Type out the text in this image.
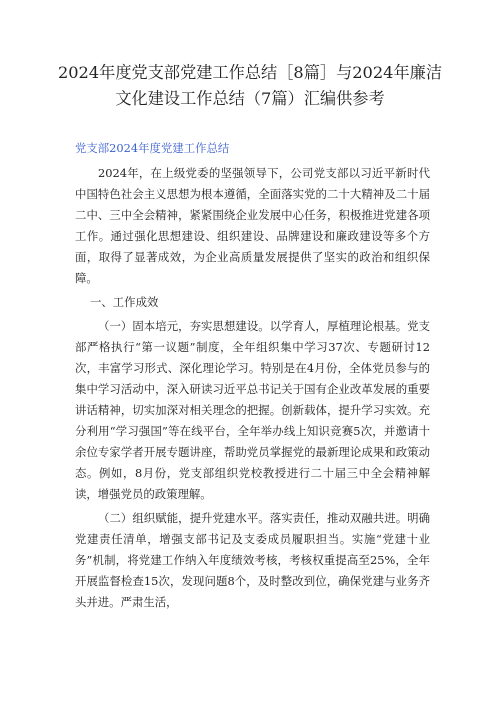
2024年度党支部党建工作总结［8篇］与2024年廉洁
文化建设工作总结（7篇）汇编供参考
党支部2024年度党建工作总结

2024年，在上级党委的坚强领导下，公司党支部以习近平新时代中国特色社会主义思想为根本遵循，全面落实党的二十大精神及二十届二中、三中全会精神，紧紧围绕企业发展中心任务，积极推进党建各项工作。通过强化思想建设、组织建设、品牌建设和廉政建设等多个方面，取得了显著成效，为企业高质量发展提供了坚实的政治和组织保障。

一、工作成效

（一）固本培元，夯实思想建设。以学育人，厚植理论根基。党支部严格执行“第一议题”制度，全年组织集中学习37次、专题研讨12次，丰富学习形式、深化理论学习。特别是在4月份，全体党员参与的集中学习活动中，深入研读习近平总书记关于国有企业改革发展的重要讲话精神，切实加深对相关理念的把握。创新载体，提升学习实效。充分利用“学习强国”等在线平台，全年举办线上知识竞赛5次，并邀请十余位专家学者开展专题讲座，帮助党员掌握党的最新理论成果和政策动态。例如，8月份，党支部组织党校教授进行二十届三中全会精神解读，增强党员的政策理解。

（二）组织赋能，提升党建水平。落实责任，推动双融共进。明确党建责任清单，增强支部书记及支委成员履职担当。实施“党建十业务”机制，将党建工作纳入年度绩效考核，考核权重提高至25%，全年开展监督检查15次，发现问题8个，及时整改到位，确保党建与业务齐头并进。严肃生活，
